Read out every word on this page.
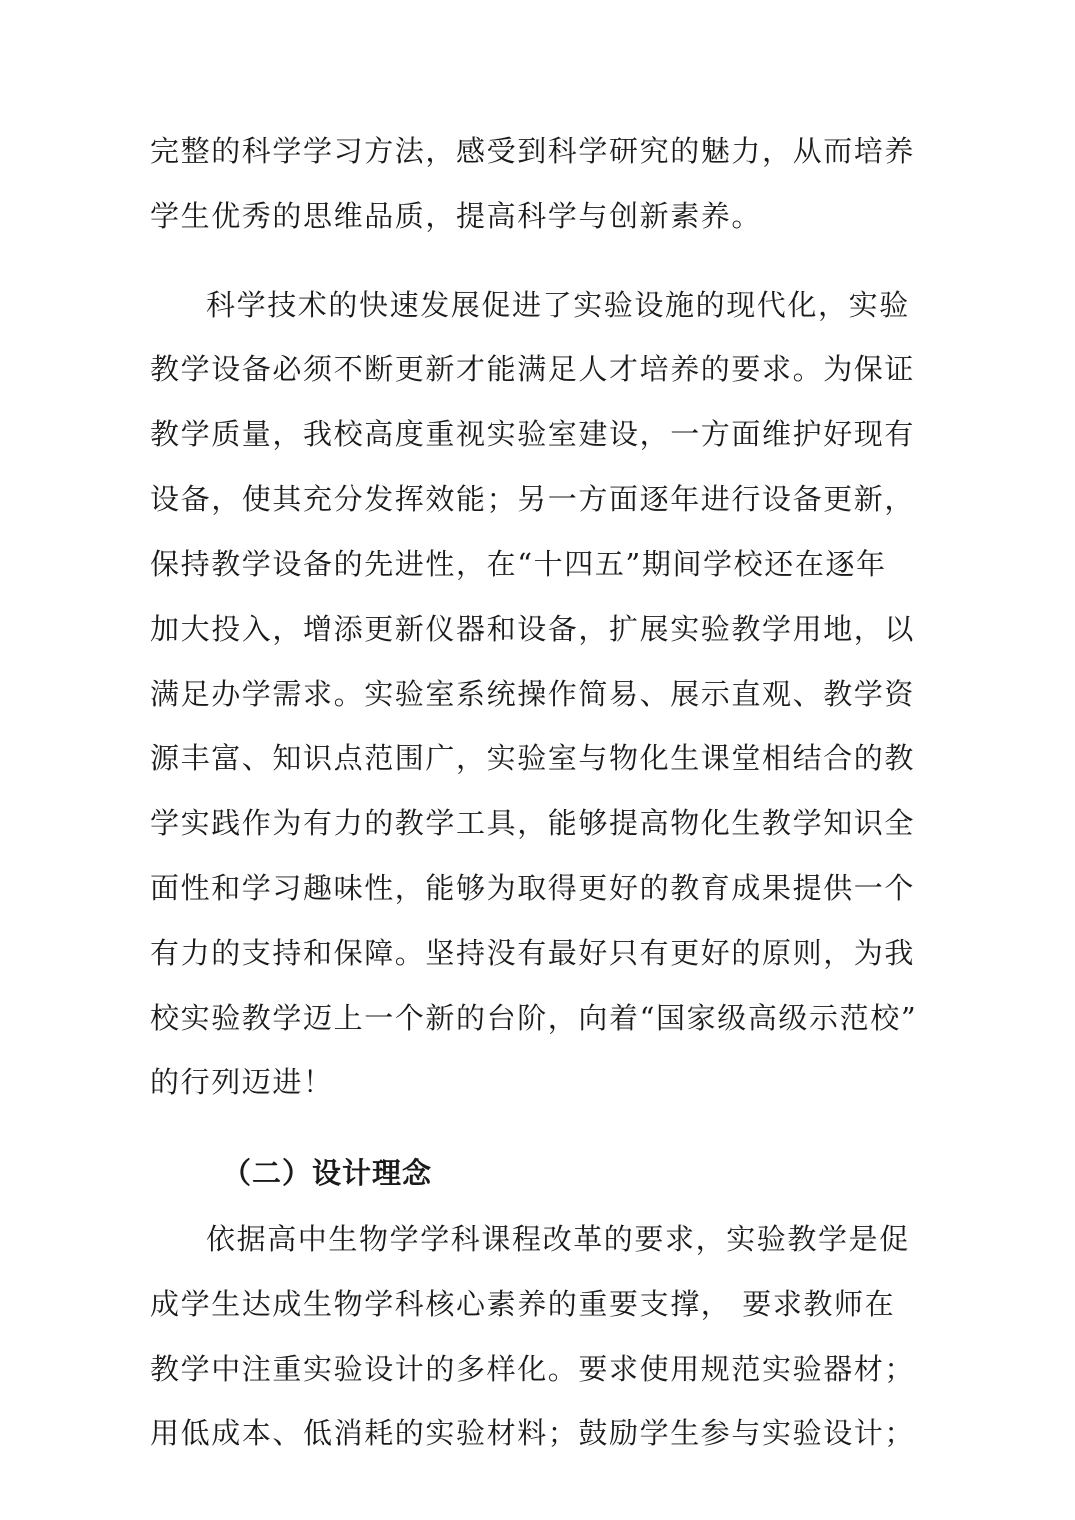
完整的科学学习方法，感受到科学研究的魅力，从而培养
学生优秀的思维品质，提高科学与创新素养。
科学技术的快速发展促进了实验设施的现代化，实验
教学设备必须不断更新才能满足人才培养的要求。为保证
教学质量，我校高度重视实验室建设，一方面维护好现有
设备，使其充分发挥效能；另一方面逐年进行设备更新，
保持教学设备的先进性，在“十四五”期间学校还在逐年
加大投入，增添更新仪器和设备，扩展实验教学用地，以
满足办学需求。实验室系统操作简易、展示直观、教学资
源丰富、知识点范围广，实验室与物化生课堂相结合的教
学实践作为有力的教学工具，能够提高物化生教学知识全
面性和学习趣味性，能够为取得更好的教育成果提供一个
有力的支持和保障。坚持没有最好只有更好的原则，为我
校实验教学迈上一个新的台阶，向着“国家级高级示范校”
的行列迈进！
（二）设计理念
依据高中生物学学科课程改革的要求，实验教学是促
成学生达成生物学科核心素养的重要支撑， 要求教师在
教学中注重实验设计的多样化。要求使用规范实验器材；
用低成本、低消耗的实验材料；鼓励学生参与实验设计；
